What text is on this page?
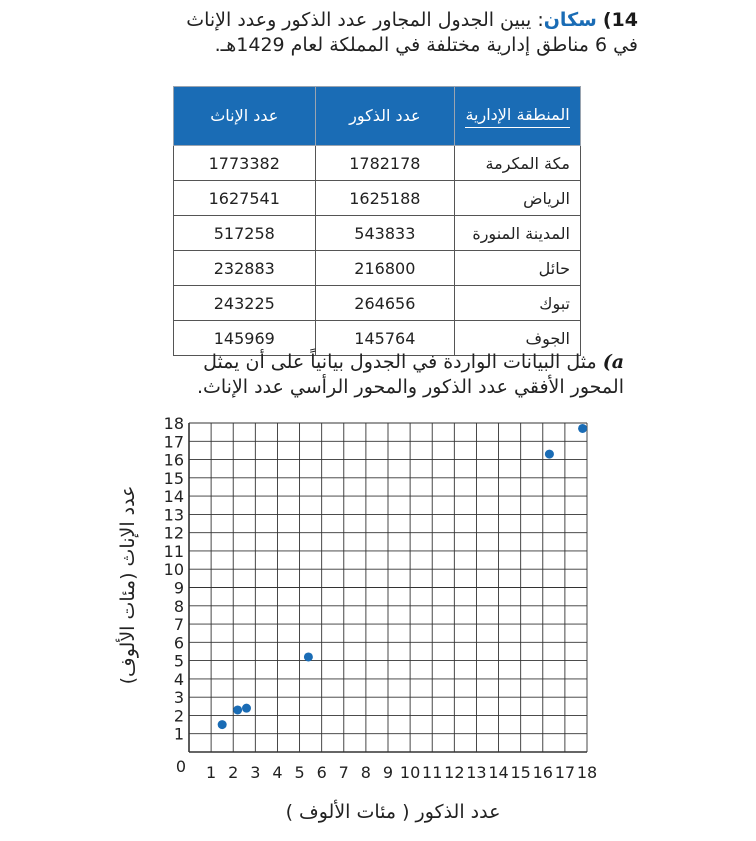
14) سكان: يبين الجدول المجاور عدد الذكور وعدد الإناث
في 6 مناطق إدارية مختلفة في المملكة لعام 1429هـ.
المنطقة الإدارية	عدد الذكور	عدد الإناث
مكة المكرمة	1782178	1773382
الرياض	1625188	1627541
المدينة المنورة	543833	517258
حائل	216800	232883
تبوك	264656	243225
الجوف	145764	145969
a) مثل البيانات الواردة في الجدول بيانياً على أن يمثل
المحور الأفقي عدد الذكور والمحور الرأسي عدد الإناث.
0 1 2 3 4 5 6 7 8 9 10 11 12 13 14 15 16 17 18
1
2
3
4
5
6
7
8
9
10
11
12
13
14
15
16
17
18
عدد الذكور ( مئات الألوف )
عدد الإناث (مئات الألوف)
